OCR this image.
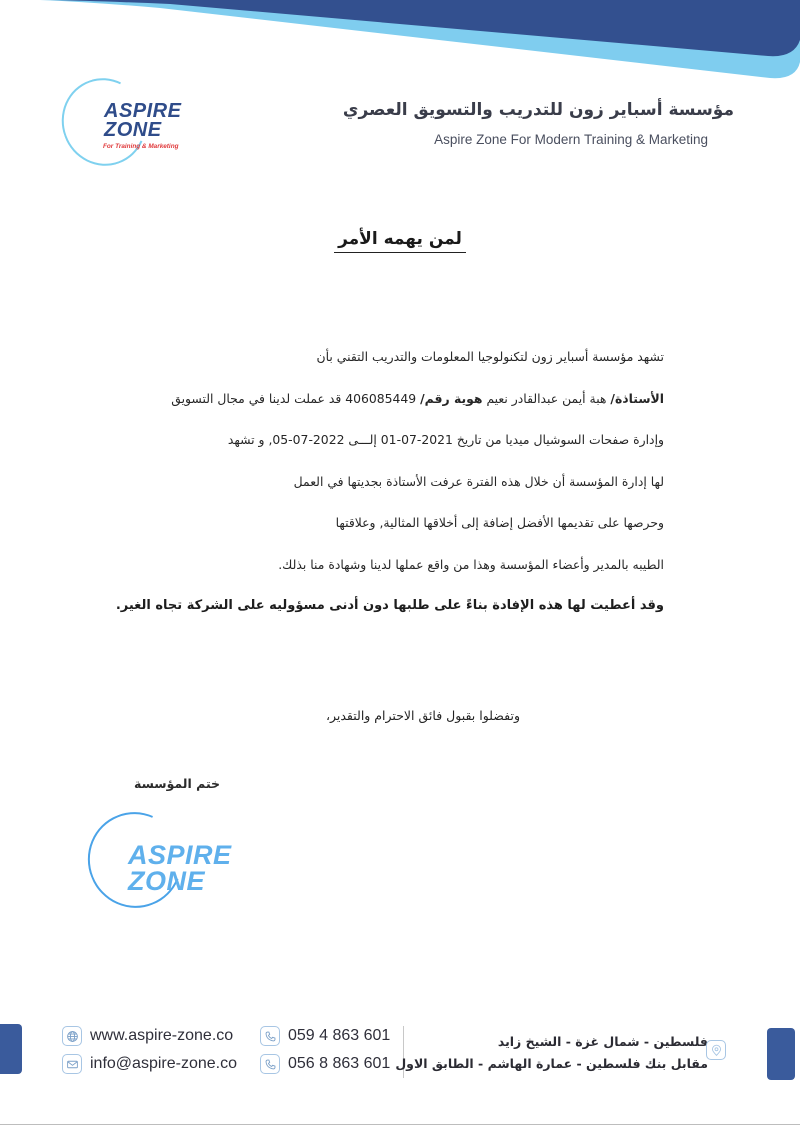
ASPIRE
ZONE
For Training & Marketing
مؤسسة أسباير زون للتدريب والتسويق العصري
Aspire Zone For Modern Training & Marketing
لمن يهمه الأمر

تشهد مؤسسة أسباير زون لتكنولوجيا المعلومات والتدريب التقني بأن

الأستاذة/ هبة أيمن عبدالقادر نعيم هوية رقم/ 406085449 قد عملت لدينا في مجال التسويق

وإدارة صفحات السوشيال ميديا من تاريخ 2021-07-01 إلـــى 2022-07-05, و تشهد

لها إدارة المؤسسة أن خلال هذه الفترة عرفت الأستاذة بجديتها في العمل

وحرصها على تقديمها الأفضل إضافة إلى أخلاقها المثالية, وعلاقتها

الطيبه بالمدير وأعضاء المؤسسة وهذا من واقع عملها لدينا وشهادة منا بذلك.

وقد أعطيت لها هذه الإفادة بناءً على طلبها دون أدنى مسؤوليه على الشركة تجاه الغير.
وتفضلوا بقبول فائق الاحترام والتقدير،
ختم المؤسسة
ASPIRE
ZONE
www.aspire-zone.co
info@aspire-zone.co
059 4 863 601
056 8 863 601
فلسطين - شمال غزة - الشيخ زايد
مقابل بنك فلسطين - عمارة الهاشم - الطابق الاول
